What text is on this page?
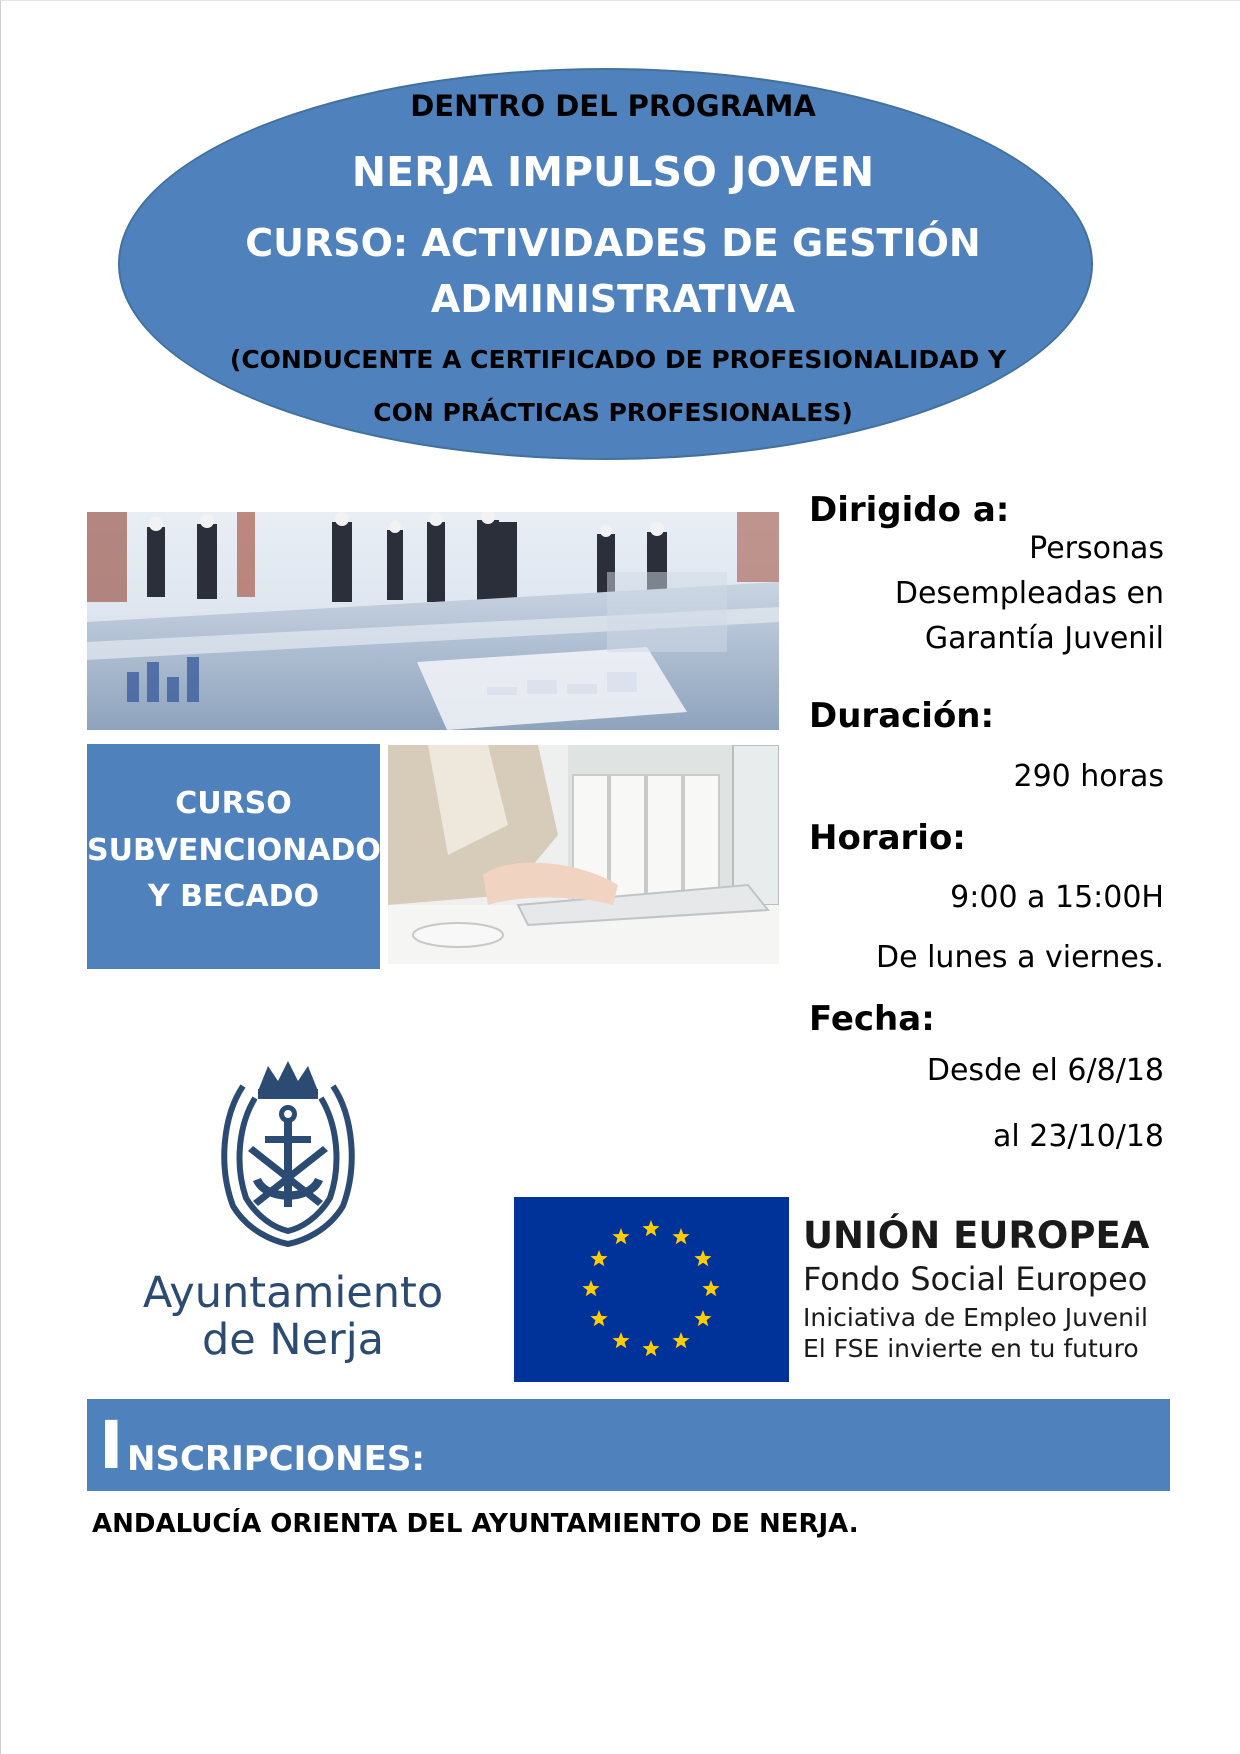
DENTRO DEL PROGRAMA
NERJA IMPULSO JOVEN
CURSO: ACTIVIDADES DE GESTIÓN
ADMINISTRATIVA
(CONDUCENTE A CERTIFICADO DE PROFESIONALIDAD Y
CON PRÁCTICAS PROFESIONALES)
CURSO
SUBVENCIONADO
Y BECADO
Dirigido a:
Personas
Desempleadas en
Garantía Juvenil
Duración:
290 horas
Horario:
9:00 a 15:00H
De lunes a viernes.
Fecha:
Desde el 6/8/18
al 23/10/18
Ayuntamiento
de Nerja
UNIÓN EUROPEA
Fondo Social Europeo
Iniciativa de Empleo Juvenil
El FSE invierte en tu futuro
I NSCRIPCIONES:
ANDALUCÍA ORIENTA DEL AYUNTAMIENTO DE NERJA.
